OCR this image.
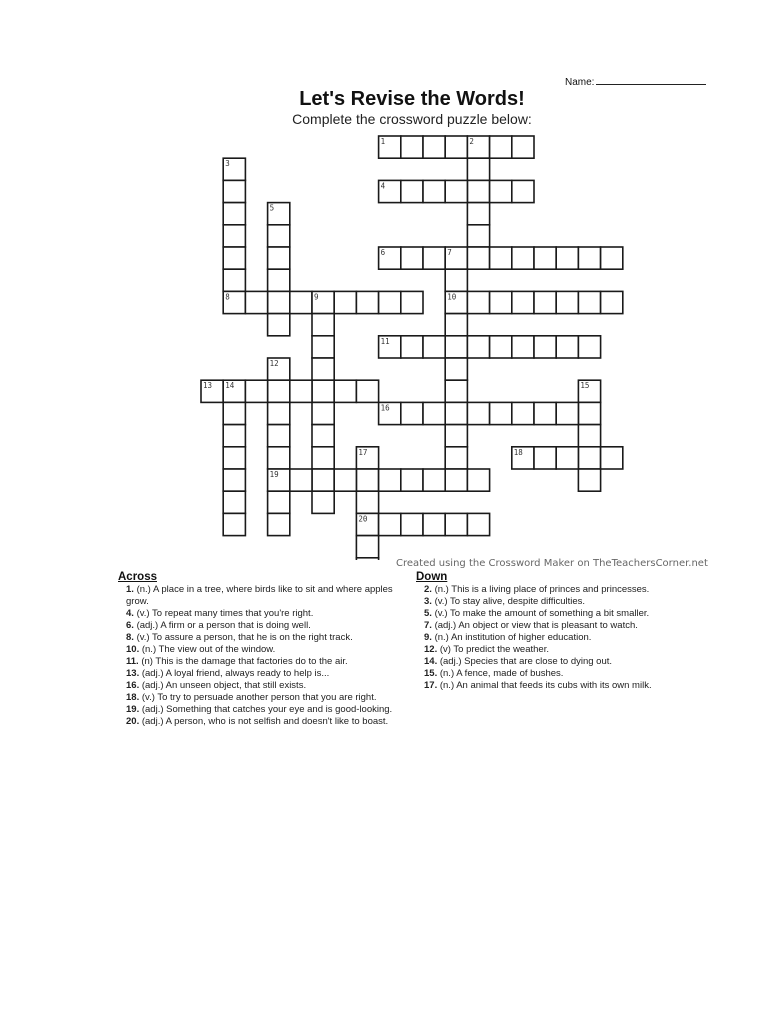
Name:
Let's Revise the Words!
Complete the crossword puzzle below:
1	2
3
4
5
6	7
8	9	10
11
12
13 14	15
16
17	18
19
20
Created using the Crossword Maker on TheTeachersCorner.net
Across

1. (n.) A place in a tree, where birds like to sit and where apples grow.

4. (v.) To repeat many times that you're right.

6. (adj.) A firm or a person that is doing well.

8. (v.) To assure a person, that he is on the right track.

10. (n.) The view out of the window.

11. (n) This is the damage that factories do to the air.

13. (adj.) A loyal friend, always ready to help is...

16. (adj.) An unseen object, that still exists.

18. (v.) To try to persuade another person that you are right.

19. (adj.) Something that catches your eye and is good-looking.

20. (adj.) A person, who is not selfish and doesn't like to boast.

Down

2. (n.) This is a living place of princes and princesses.

3. (v.) To stay alive, despite difficulties.

5. (v.) To make the amount of something a bit smaller.

7. (adj.) An object or view that is pleasant to watch.

9. (n.) An institution of higher education.

12. (v) To predict the weather.

14. (adj.) Species that are close to dying out.

15. (n.) A fence, made of bushes.

17. (n.) An animal that feeds its cubs with its own milk.
